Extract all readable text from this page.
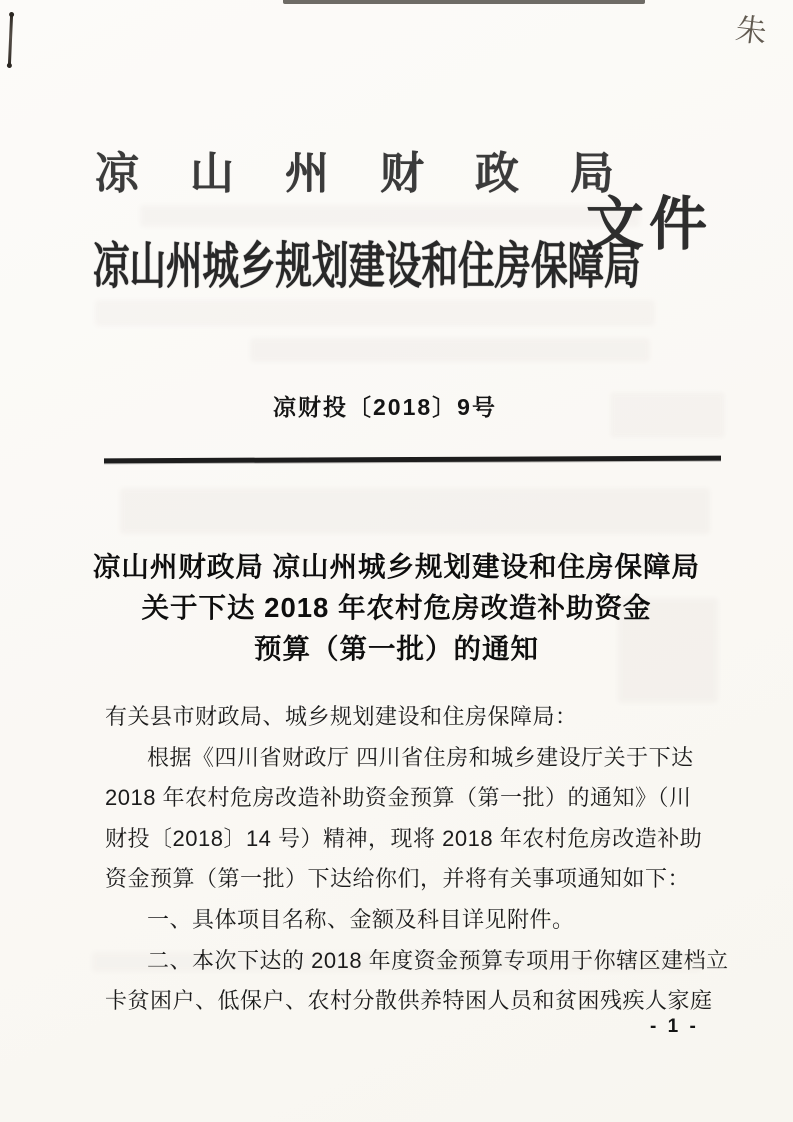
朱
凉山州财政局
文件
凉山州城乡规划建设和住房保障局
凉财投〔2018〕9号
凉山州财政局 凉山州城乡规划建设和住房保障局
关于下达 2018 年农村危房改造补助资金
预算（第一批）的通知
有关县市财政局、城乡规划建设和住房保障局：
根据《四川省财政厅 四川省住房和城乡建设厅关于下达
2018 年农村危房改造补助资金预算（第一批）的通知》（川
财投〔2018〕14 号）精神，现将 2018 年农村危房改造补助
资金预算（第一批）下达给你们，并将有关事项通知如下：
一、具体项目名称、金额及科目详见附件。
二、本次下达的 2018 年度资金预算专项用于你辖区建档立
卡贫困户、低保户、农村分散供养特困人员和贫困残疾人家庭
- 1 -
